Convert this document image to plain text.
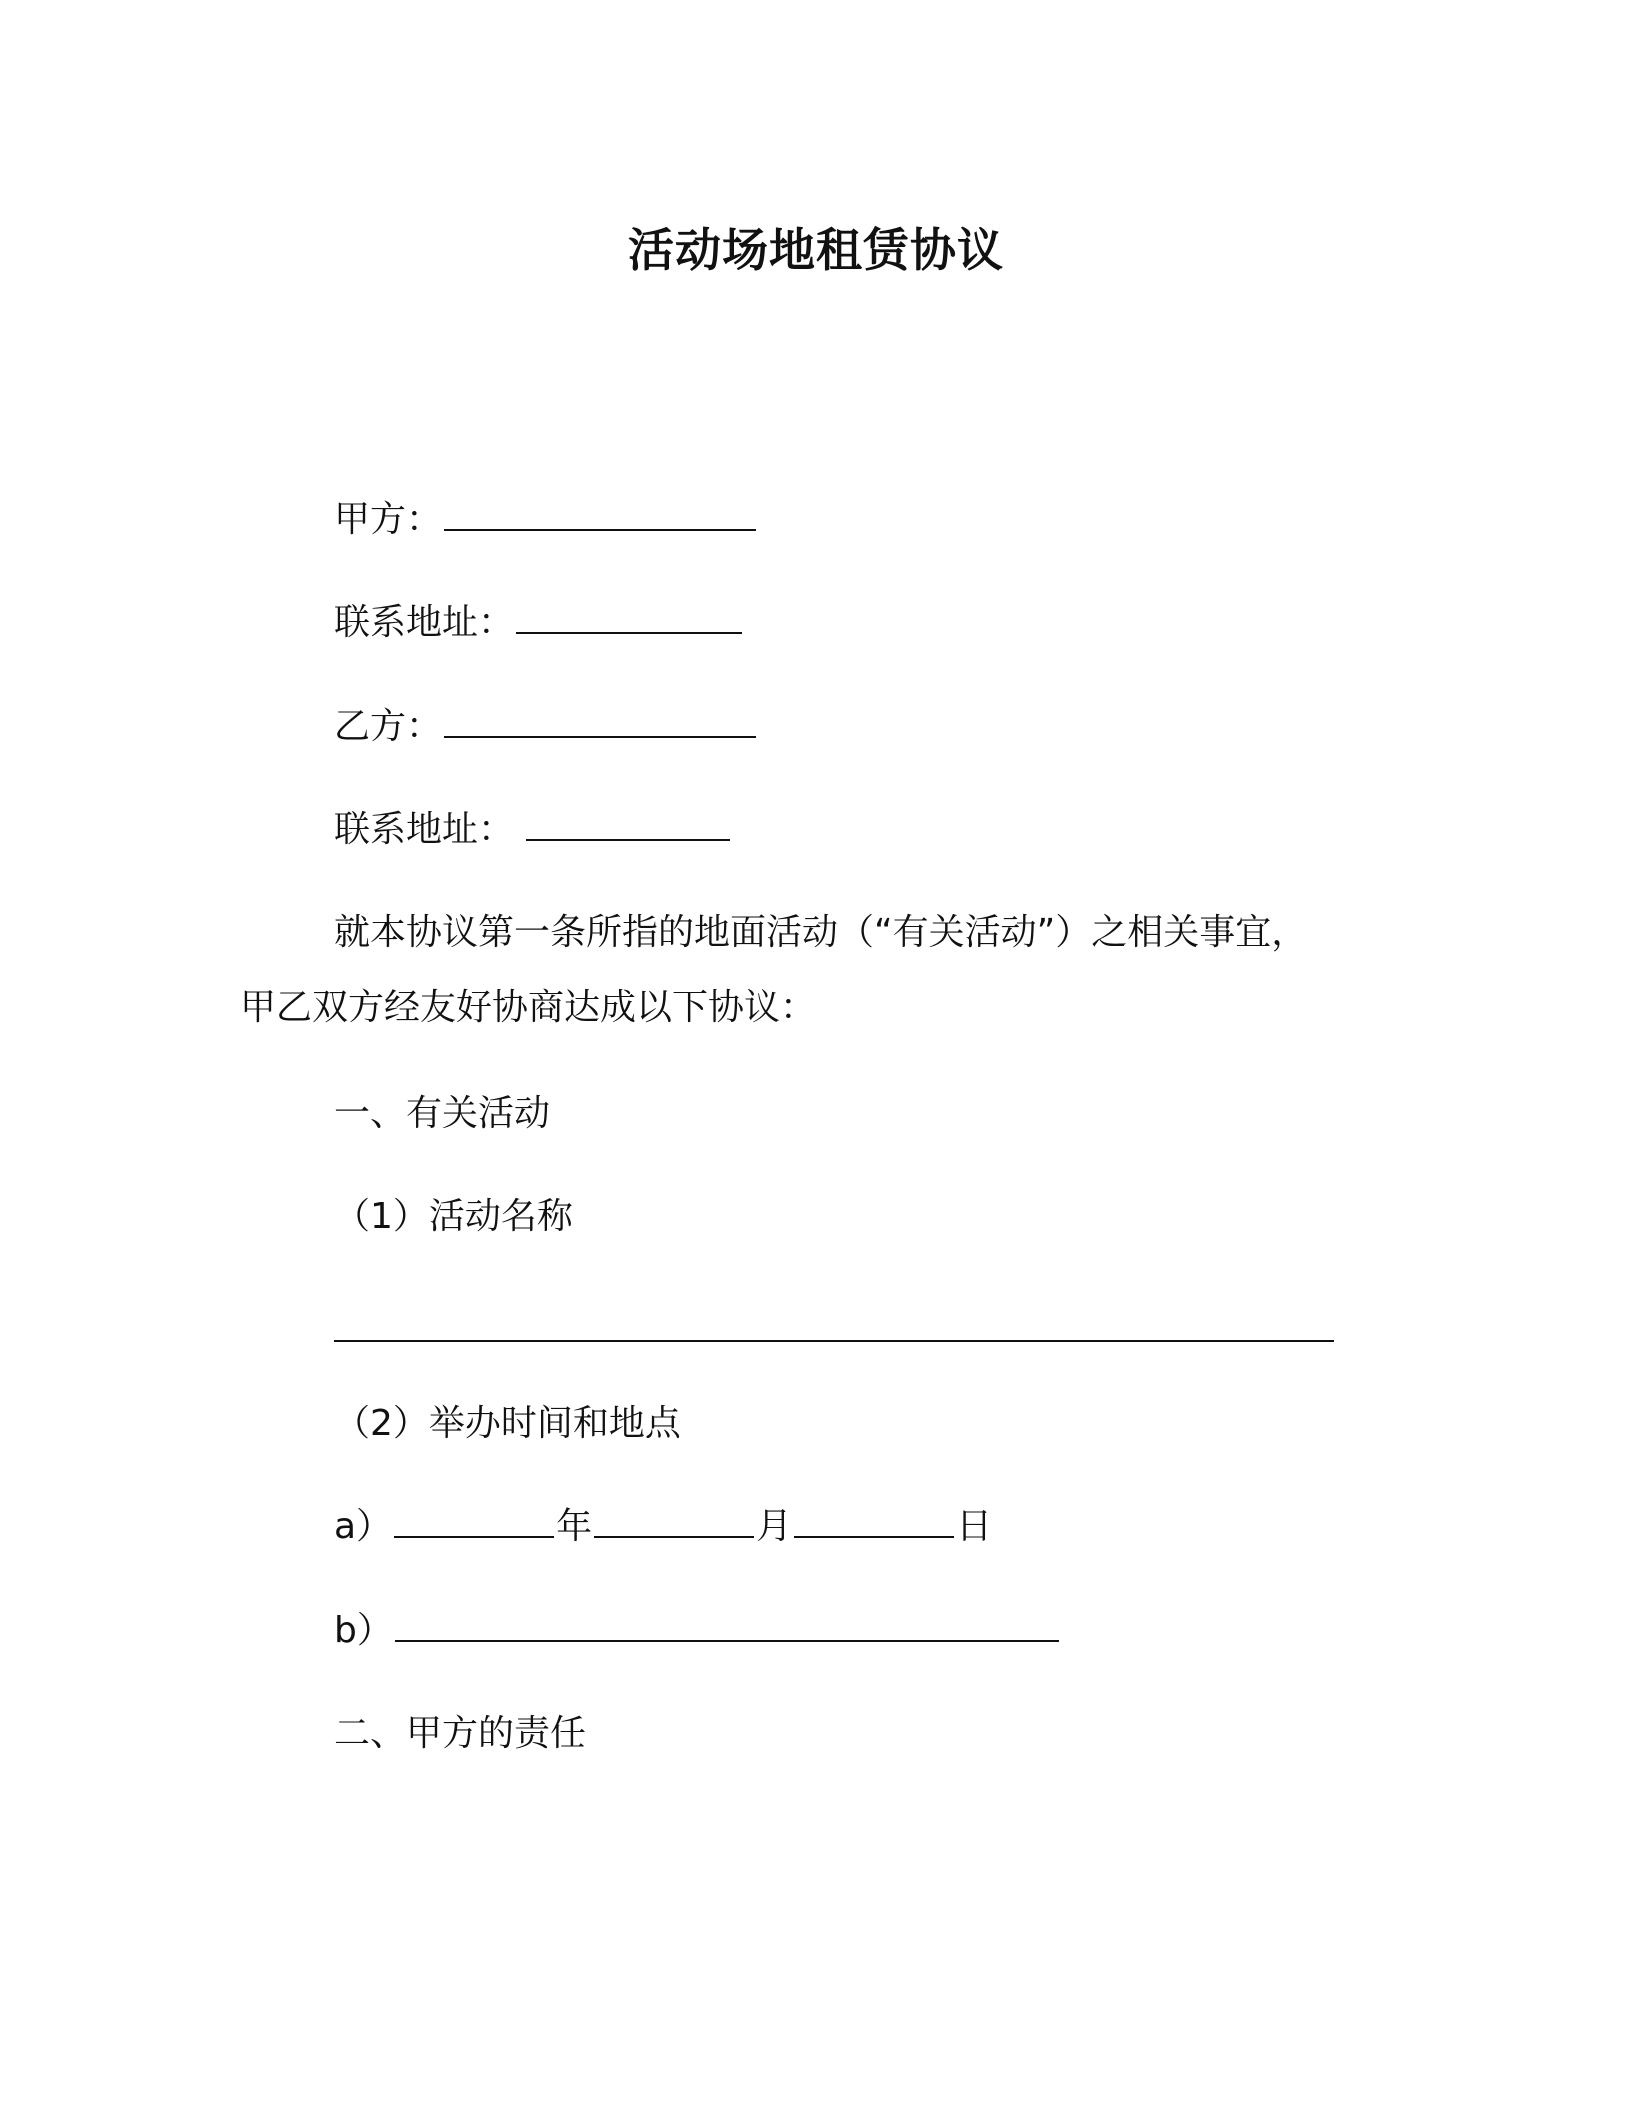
活动场地租赁协议
甲方：
联系地址：
乙方：
联系地址：
就本协议第一条所指的地面活动（“有关活动”）之相关事宜，
甲乙双方经友好协商达成以下协议：
一、有关活动
（1）活动名称
（2）举办时间和地点
a）	年	月	日
b）
二、甲方的责任
